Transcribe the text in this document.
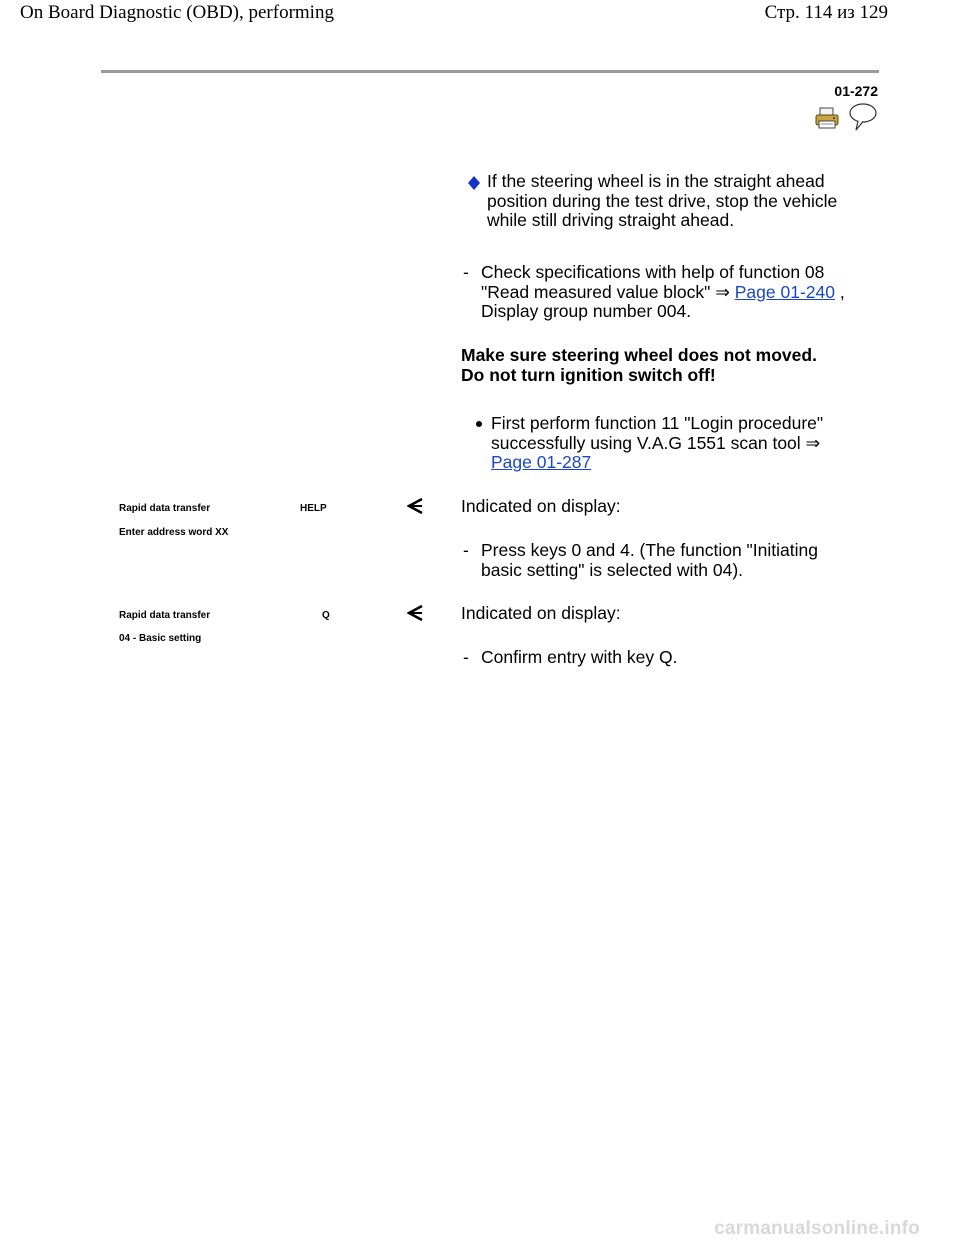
On Board Diagnostic (OBD), performing	Стр. 114 из 129
01-272
If the steering wheel is in the straight ahead position during the test drive, stop the vehicle while still driving straight ahead.
- Check specifications with help of function 08 "Read measured value block" ⇒ Page 01-240 , Display group number 004.
Make sure steering wheel does not moved.
Do not turn ignition switch off!
First perform function 11 "Login procedure" successfully using V.A.G 1551 scan tool ⇒ Page 01-287
Rapid data transfer	HELP
Enter address word XX
Indicated on display:
- Press keys 0 and 4. (The function "Initiating basic setting" is selected with 04).
Rapid data transfer	Q
04 - Basic setting
Indicated on display:
- Confirm entry with key Q.
carmanualsonline.info
